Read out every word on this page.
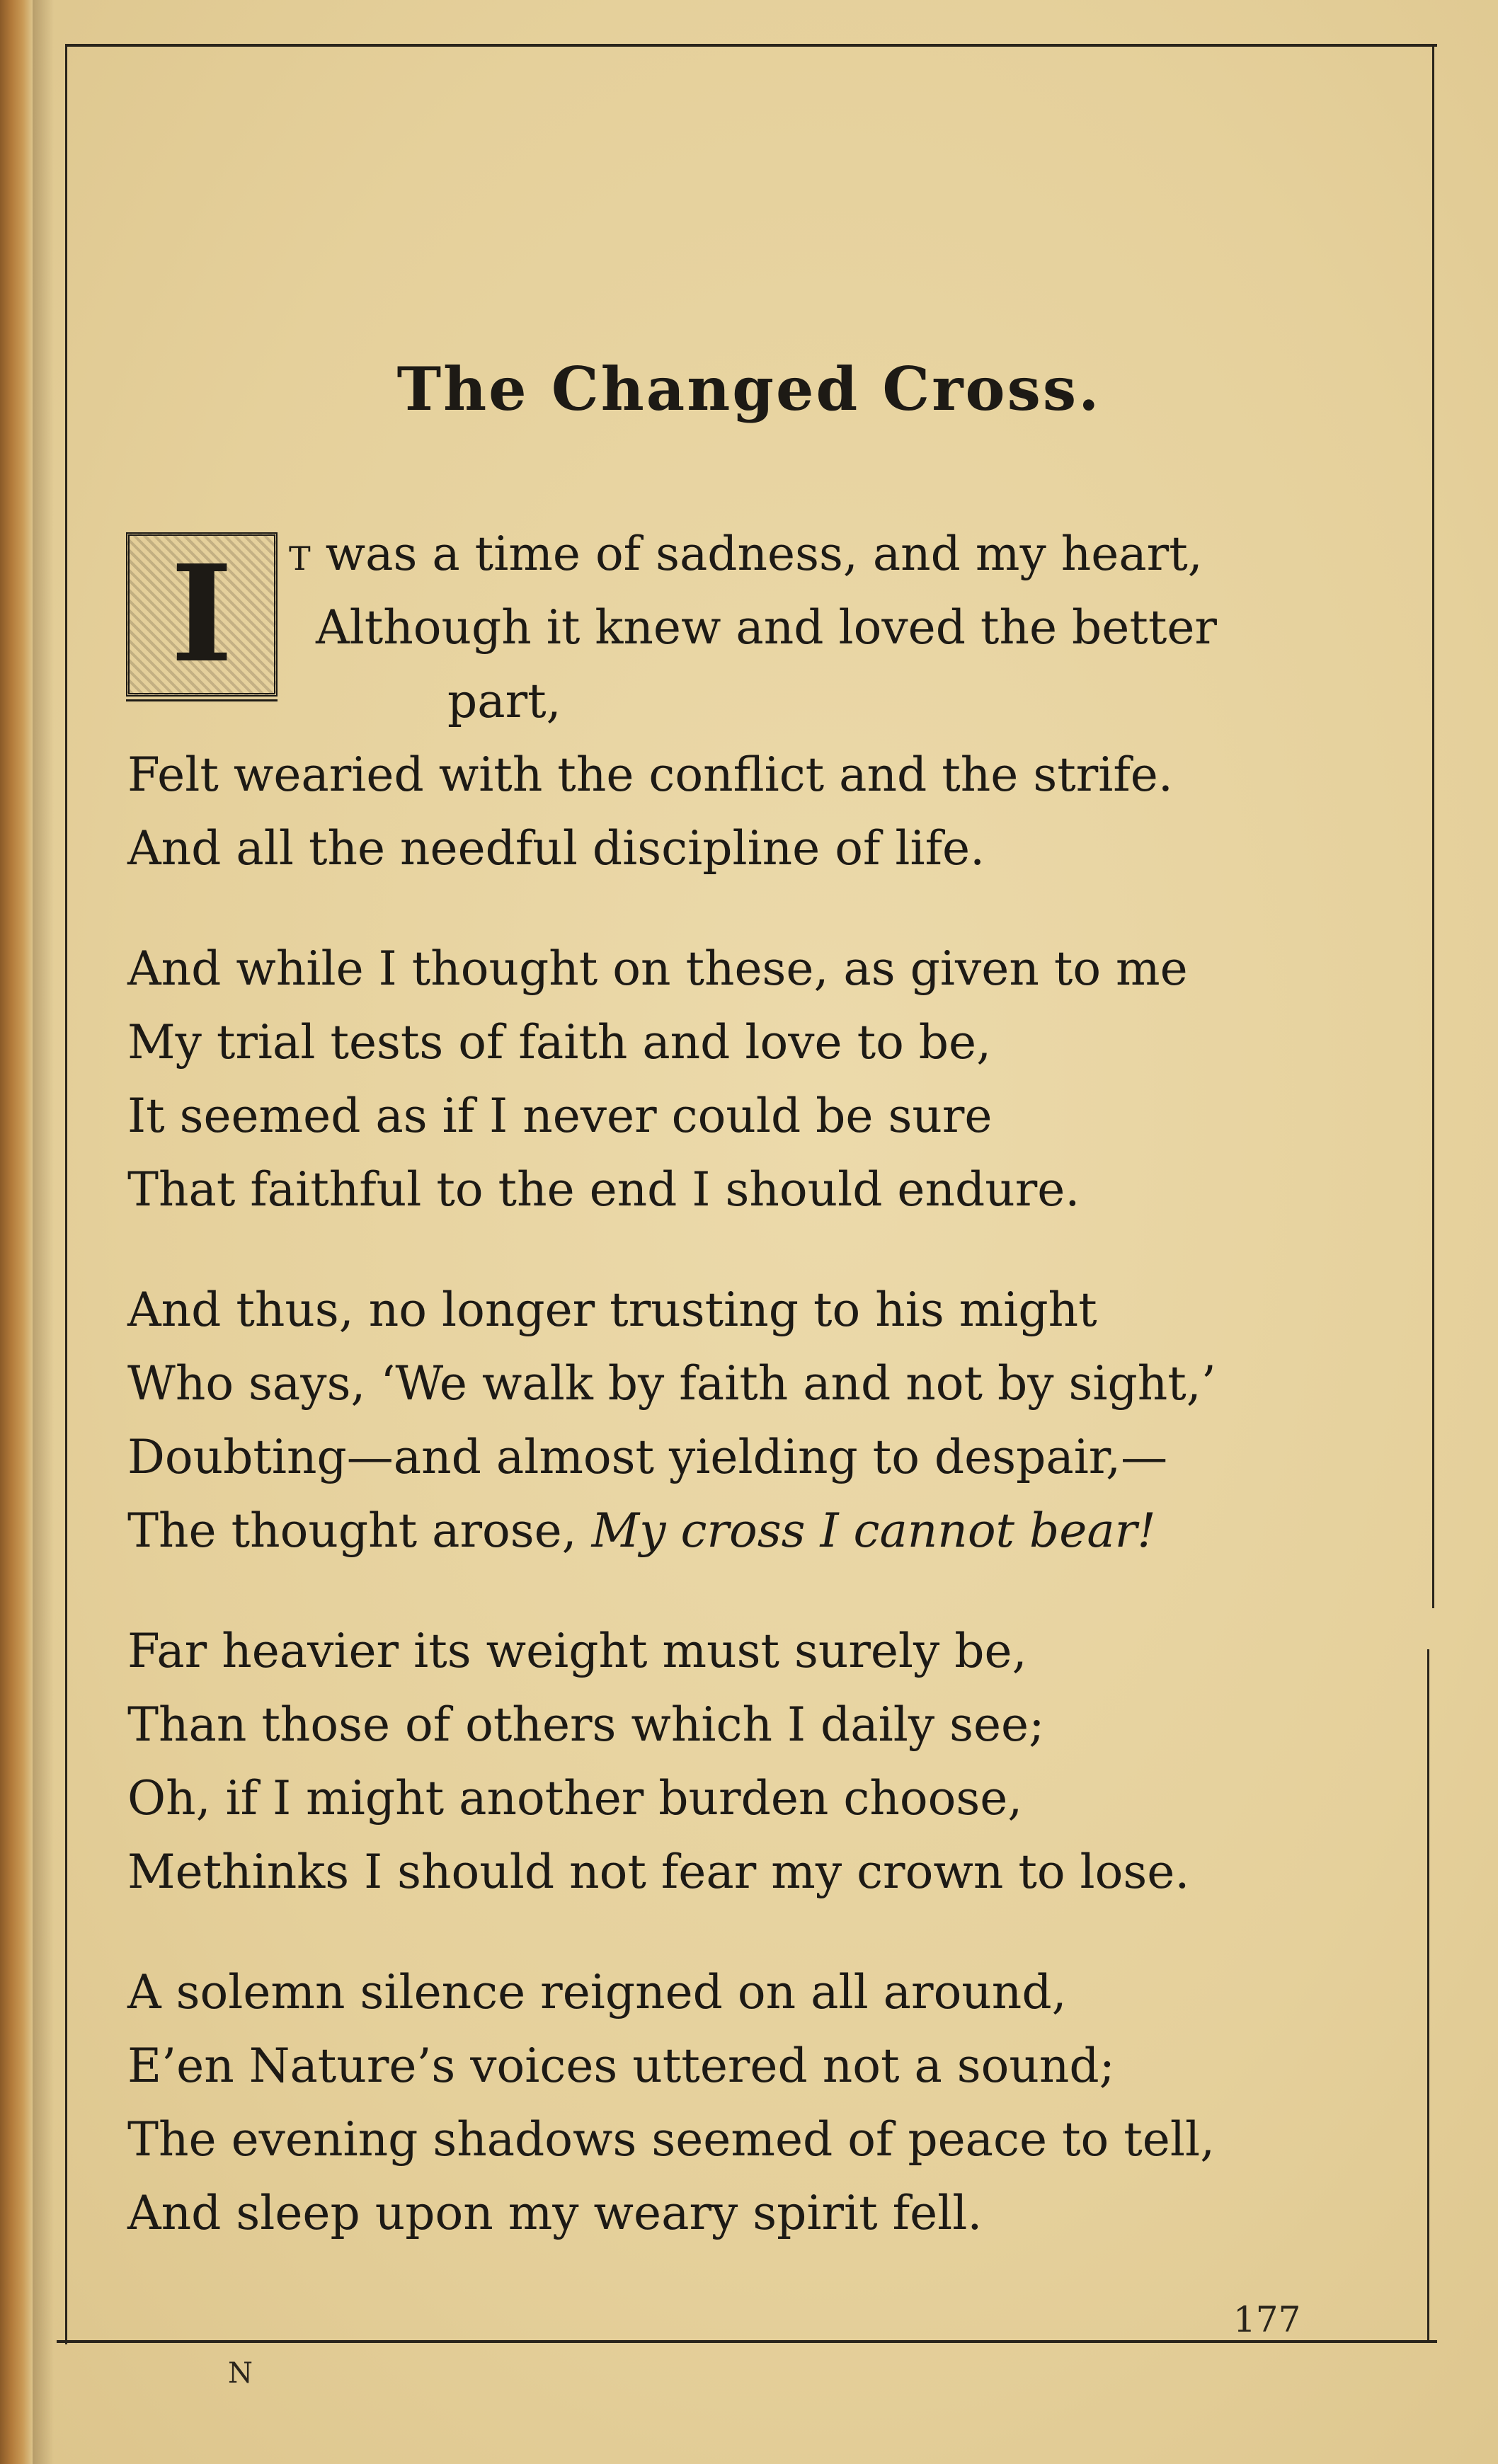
The Changed Cross.
I	t was a time of sadness, and my heart,
Although it knew and loved the better
part,
Felt wearied with the conflict and the strife.
And all the needful discipline of life.
And while I thought on these, as given to me
My trial tests of faith and love to be,
It seemed as if I never could be sure
That faithful to the end I should endure.
And thus, no longer trusting to his might
Who says, ‘We walk by faith and not by sight,’
Doubting—and almost yielding to despair,—
The thought arose, My cross I cannot bear!
Far heavier its weight must surely be,
Than those of others which I daily see;
Oh, if I might another burden choose,
Methinks I should not fear my crown to lose.
A solemn silence reigned on all around,
E’en Nature’s voices uttered not a sound;
The evening shadows seemed of peace to tell,
And sleep upon my weary spirit fell.
177
N
